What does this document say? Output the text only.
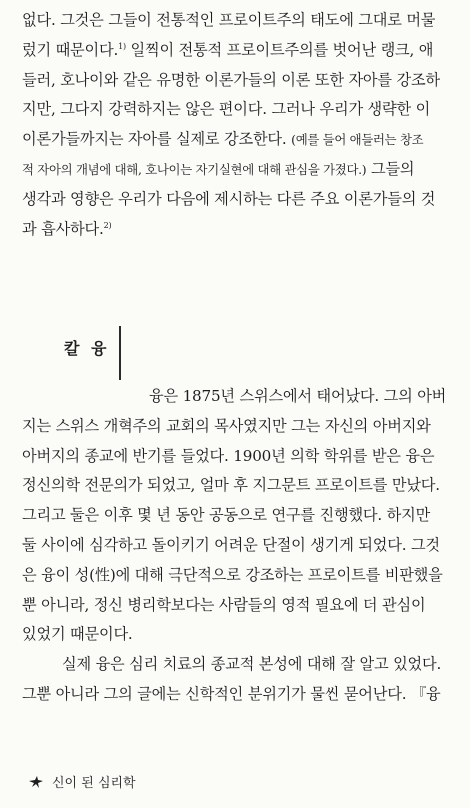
없다. 그것은 그들이 전통적인 프로이트주의 태도에 그대로 머물
렀기 때문이다.$^{1)}$ 일찍이 전통적 프로이트주의를 벗어난 랭크, 애
들러, 호나이와 같은 유명한 이론가들의 이론 또한 자아를 강조하
지만, 그다지 강력하지는 않은 편이다. 그러나 우리가 생략한 이
이론가들까지는 자아를 실제로 강조한다. (예를 들어 애들러는 창조
적 자아의 개념에 대해, 호나이는 자기실현에 대해 관심을 가졌다.) 그들의
생각과 영향은 우리가 다음에 제시하는 다른 주요 이론가들의 것
과 흡사하다.$^{2)}$
칼 융
융은 1875년 스위스에서 태어났다. 그의 아버
지는 스위스 개혁주의 교회의 목사였지만 그는 자신의 아버지와
아버지의 종교에 반기를 들었다. 1900년 의학 학위를 받은 융은
정신의학 전문의가 되었고, 얼마 후 지그문트 프로이트를 만났다.
그리고 둘은 이후 몇 년 동안 공동으로 연구를 진행했다. 하지만
둘 사이에 심각하고 돌이키기 어려운 단절이 생기게 되었다. 그것
은 융이 성(性)에 대해 극단적으로 강조하는 프로이트를 비판했을
뿐 아니라, 정신 병리학보다는 사람들의 영적 필요에 더 관심이
있었기 때문이다.
실제 융은 심리 치료의 종교적 본성에 대해 잘 알고 있었다.
그뿐 아니라 그의 글에는 신학적인 분위기가 물씬 묻어난다. 『융
신이 된 심리학
